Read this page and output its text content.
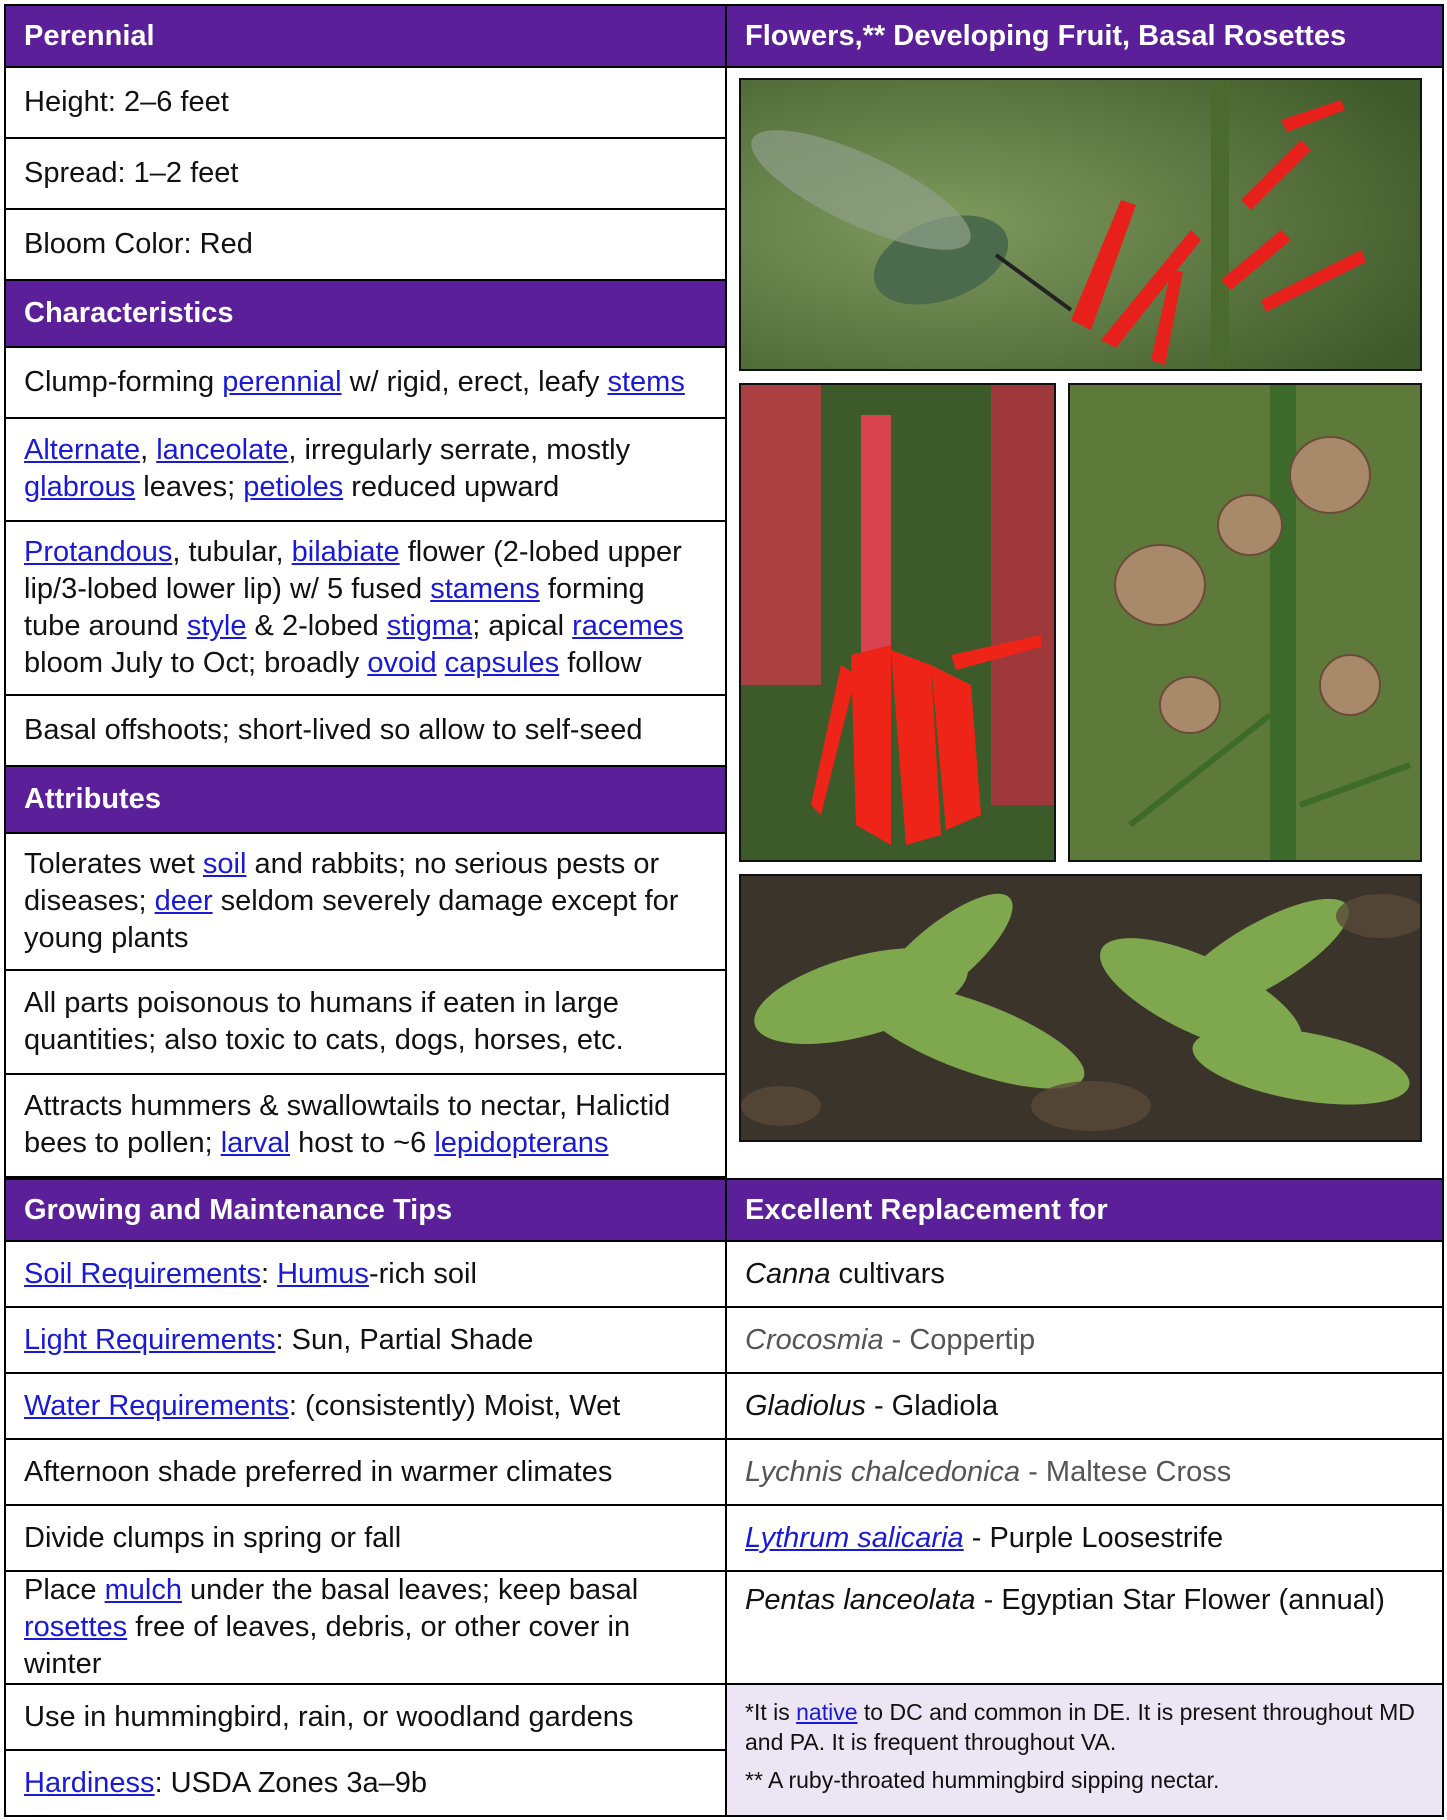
Perennial	Flowers,** Developing Fruit, Basal Rosettes
Height: 2–6 feet	

Spread: 1–2 feet	
Bloom Color: Red	
Characteristics	
Clump-forming perennial w/ rigid, erect, leafy stems	
Alternate, lanceolate, irregularly serrate, mostly glabrous leaves; petioles reduced upward	
Protandous, tubular, bilabiate flower (2-lobed upper lip/3-lobed lower lip) w/ 5 fused stamens forming tube around style & 2-lobed stigma; apical racemes bloom July to Oct; broadly ovoid capsules follow	
Basal offshoots; short-lived so allow to self-seed	
Attributes	
Tolerates wet soil and rabbits; no serious pests or diseases; deer seldom severely damage except for young plants	
All parts poisonous to humans if eaten in large quantities; also toxic to cats, dogs, horses, etc.	
Attracts hummers & swallowtails to nectar, Halictid bees to pollen; larval host to ~6 lepidopterans	

Growing and Maintenance Tips	Excellent Replacement for
Soil Requirements: Humus-rich soil	Canna cultivars
Light Requirements: Sun, Partial Shade	Crocosmia - Coppertip
Water Requirements: (consistently) Moist, Wet	Gladiolus - Gladiola
Afternoon shade preferred in warmer climates	Lychnis chalcedonica - Maltese Cross
Divide clumps in spring or fall	Lythrum salicaria - Purple Loosestrife
Place mulch under the basal leaves; keep basal rosettes free of leaves, debris, or other cover in winter	Pentas lanceolata - Egyptian Star Flower (annual)
Use in hummingbird, rain, or woodland gardens	*It is native to DC and common in DE. It is present throughout MD and PA. It is frequent throughout VA.
** A ruby-throated hummingbird sipping nectar.

Hardiness: USDA Zones 3a–9b	
